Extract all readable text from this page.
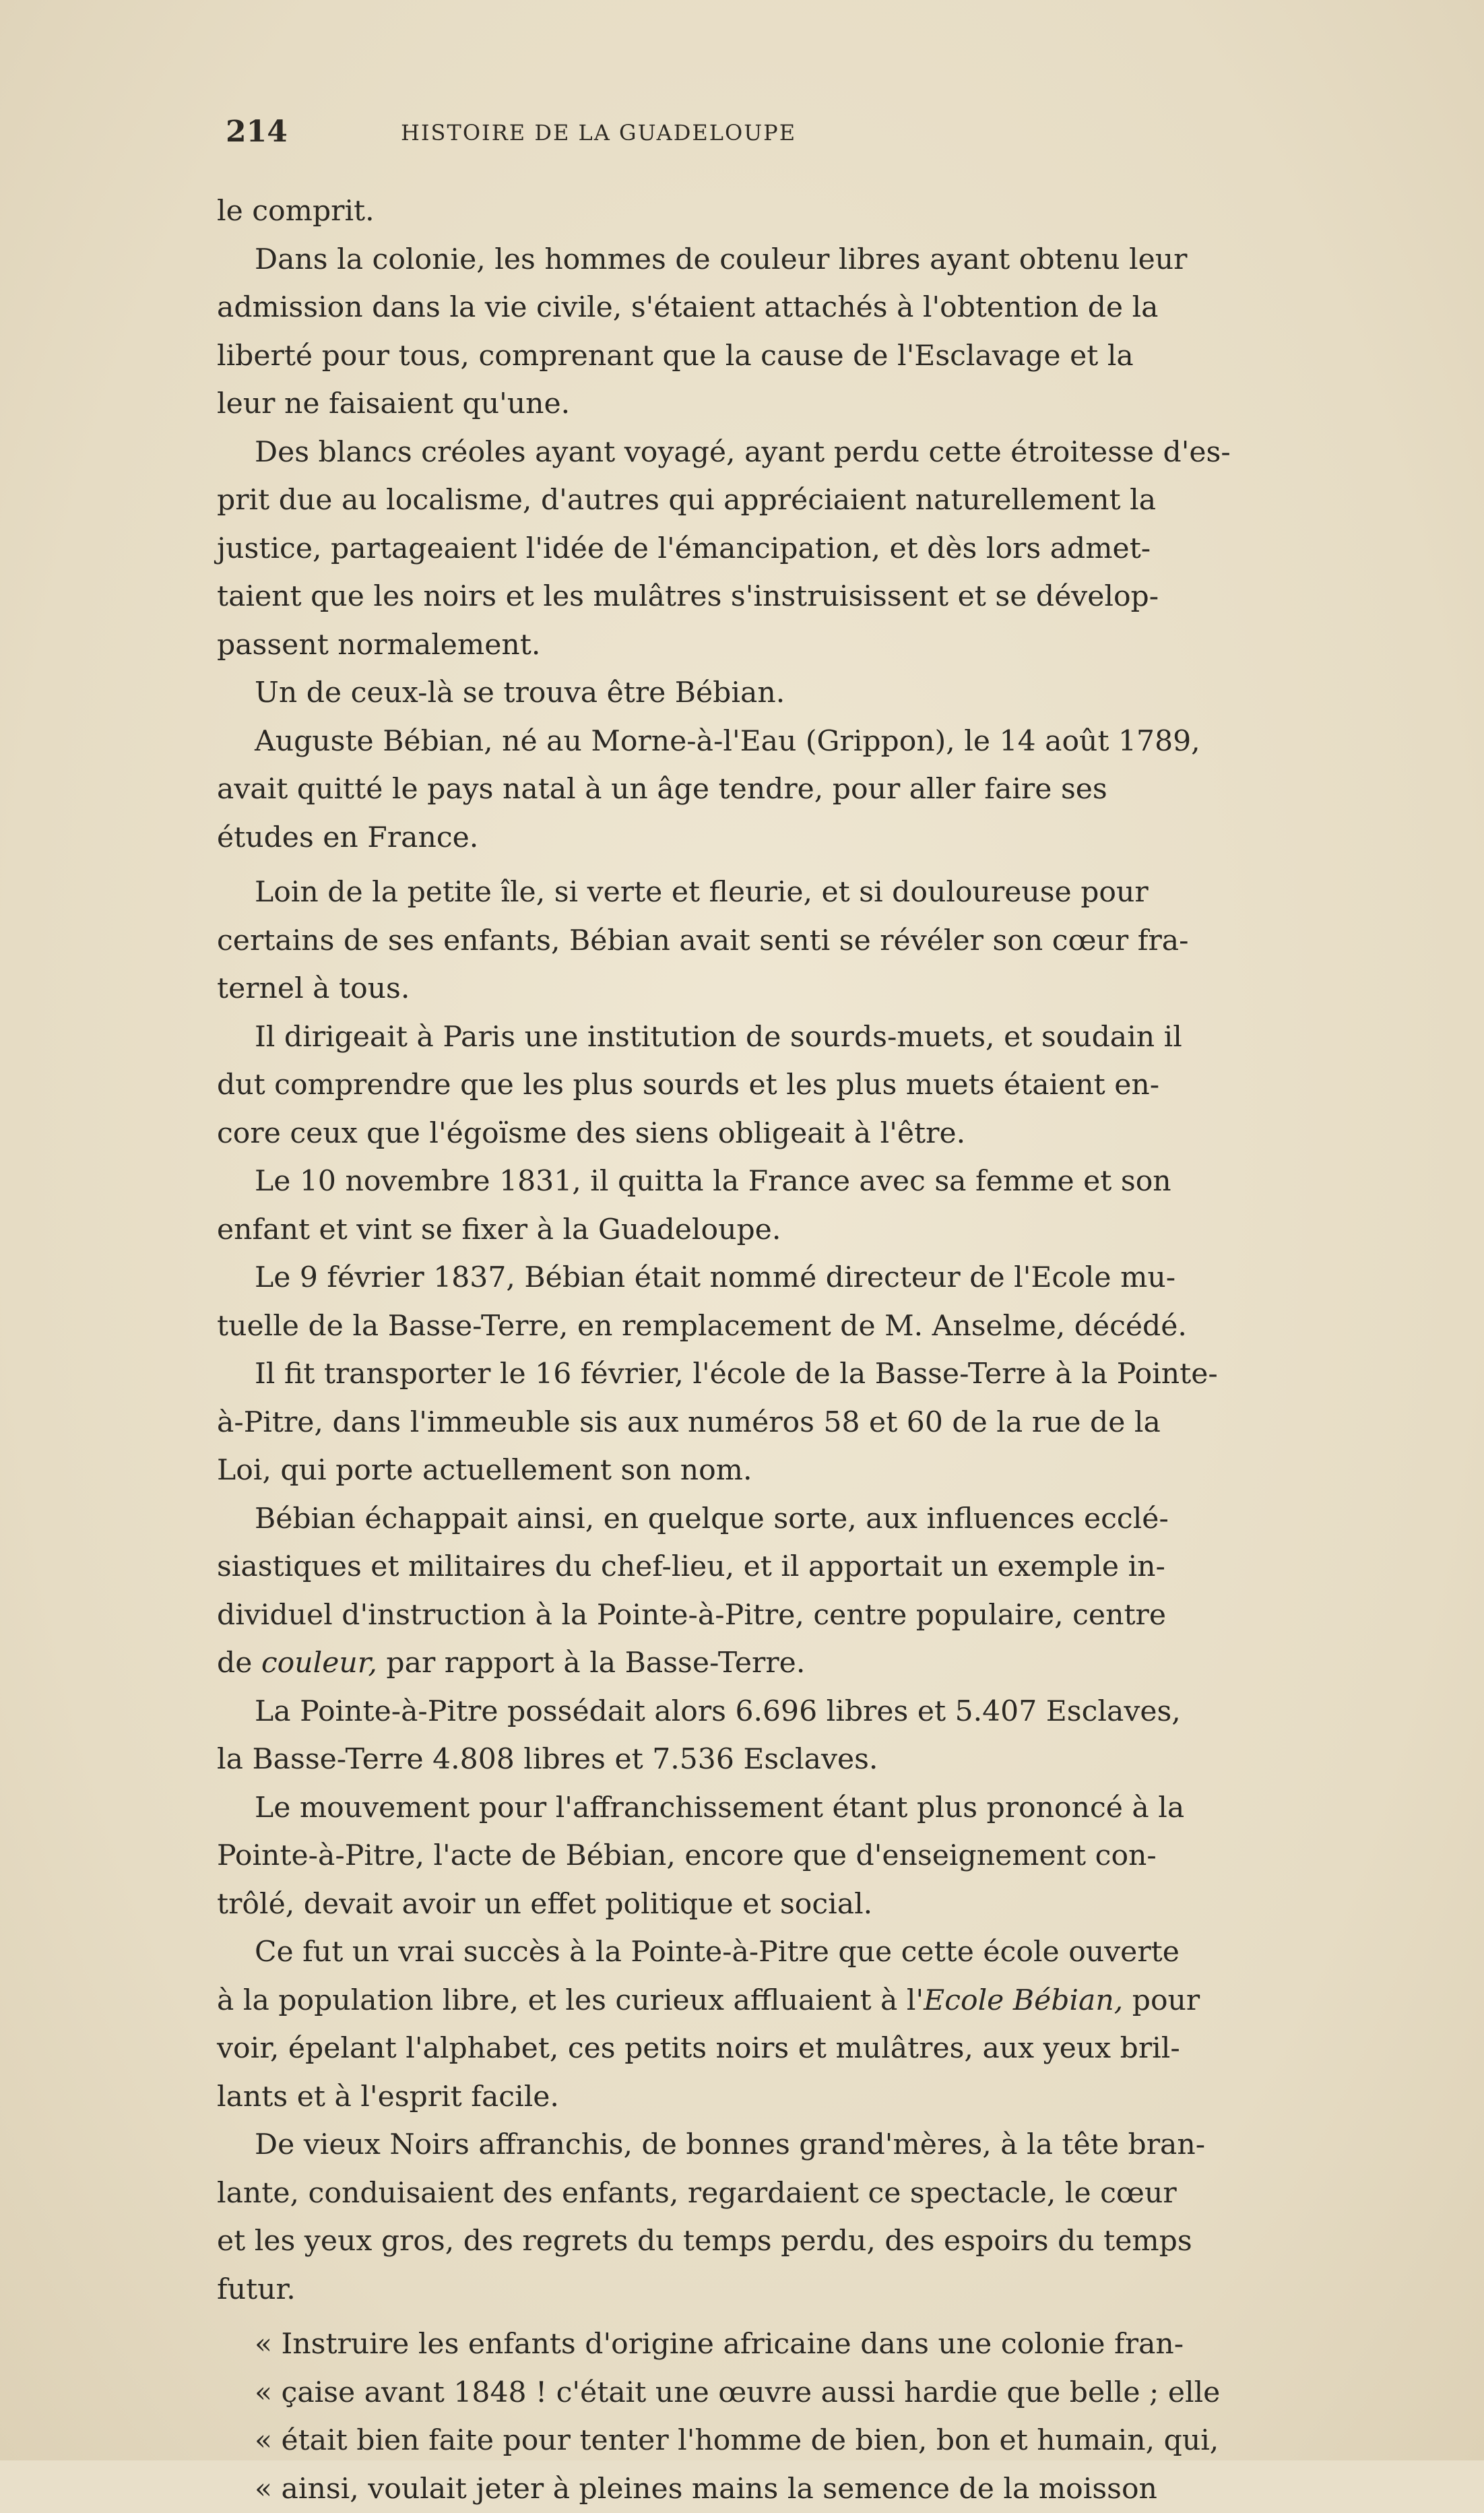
214	HISTOIRE DE LA GUADELOUPE

le comprit.

Dans la colonie, les hommes de couleur libres ayant obtenu leur

admission dans la vie civile, s'étaient attachés à l'obtention de la

liberté pour tous, comprenant que la cause de l'Esclavage et la

leur ne faisaient qu'une.

Des blancs créoles ayant voyagé, ayant perdu cette étroitesse d'es-

prit due au localisme, d'autres qui appréciaient naturellement la

justice, partageaient l'idée de l'émancipation, et dès lors admet-

taient que les noirs et les mulâtres s'instruisissent et se dévelop-

passent normalement.

Un de ceux-là se trouva être Bébian.

Auguste Bébian, né au Morne-à-l'Eau (Grippon), le 14 août 1789,

avait quitté le pays natal à un âge tendre, pour aller faire ses

études en France.

Loin de la petite île, si verte et fleurie, et si douloureuse pour

certains de ses enfants, Bébian avait senti se révéler son cœur fra-

ternel à tous.

Il dirigeait à Paris une institution de sourds-muets, et soudain il

dut comprendre que les plus sourds et les plus muets étaient en-

core ceux que l'égoïsme des siens obligeait à l'être.

Le 10 novembre 1831, il quitta la France avec sa femme et son

enfant et vint se fixer à la Guadeloupe.

Le 9 février 1837, Bébian était nommé directeur de l'Ecole mu-

tuelle de la Basse-Terre, en remplacement de M. Anselme, décédé.

Il fit transporter le 16 février, l'école de la Basse-Terre à la Pointe-

à-Pitre, dans l'immeuble sis aux numéros 58 et 60 de la rue de la

Loi, qui porte actuellement son nom.

Bébian échappait ainsi, en quelque sorte, aux influences ecclé-

siastiques et militaires du chef-lieu, et il apportait un exemple in-

dividuel d'instruction à la Pointe-à-Pitre, centre populaire, centre

de couleur, par rapport à la Basse-Terre.

La Pointe-à-Pitre possédait alors 6.696 libres et 5.407 Esclaves,

la Basse-Terre 4.808 libres et 7.536 Esclaves.

Le mouvement pour l'affranchissement étant plus prononcé à la

Pointe-à-Pitre, l'acte de Bébian, encore que d'enseignement con-

trôlé, devait avoir un effet politique et social.

Ce fut un vrai succès à la Pointe-à-Pitre que cette école ouverte

à la population libre, et les curieux affluaient à l'Ecole Bébian, pour

voir, épelant l'alphabet, ces petits noirs et mulâtres, aux yeux bril-

lants et à l'esprit facile.

De vieux Noirs affranchis, de bonnes grand'mères, à la tête bran-

lante, conduisaient des enfants, regardaient ce spectacle, le cœur

et les yeux gros, des regrets du temps perdu, des espoirs du temps

futur.

« Instruire les enfants d'origine africaine dans une colonie fran-

« çaise avant 1848 ! c'était une œuvre aussi hardie que belle ; elle

« était bien faite pour tenter l'homme de bien, bon et humain, qui,

« ainsi, voulait jeter à pleines mains la semence de la moisson
